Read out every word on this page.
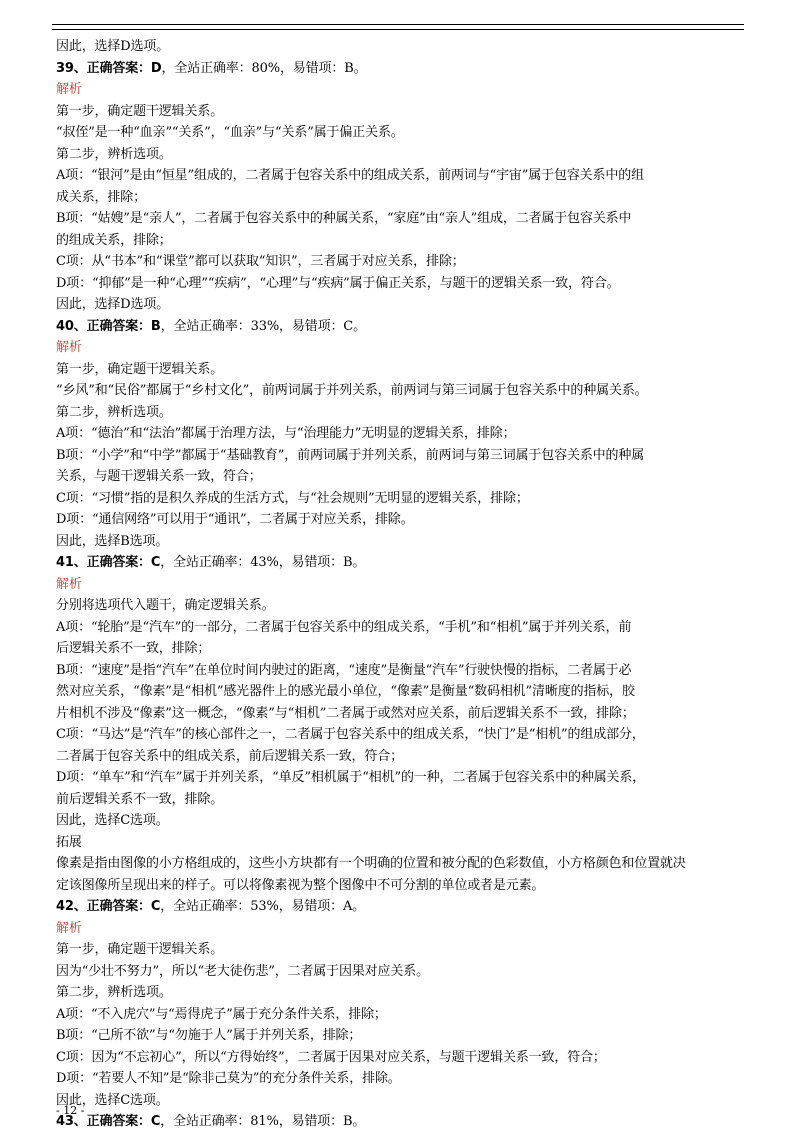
因此，选择D选项。

39、正确答案：D，全站正确率：80%，易错项：B。

解析

第一步，确定题干逻辑关系。

“叔侄”是一种“血亲”“关系”，“血亲”与“关系”属于偏正关系。

第二步，辨析选项。

A项：“银河”是由“恒星”组成的，二者属于包容关系中的组成关系，前两词与“宇宙”属于包容关系中的组

成关系，排除；

B项：“姑嫂”是“亲人”，二者属于包容关系中的种属关系，“家庭”由“亲人”组成，二者属于包容关系中

的组成关系，排除；

C项：从“书本”和“课堂”都可以获取“知识”，三者属于对应关系，排除；

D项：“抑郁”是一种“心理”“疾病”，“心理”与“疾病”属于偏正关系，与题干的逻辑关系一致，符合。

因此，选择D选项。

40、正确答案：B，全站正确率：33%，易错项：C。

解析

第一步，确定题干逻辑关系。

“乡风”和“民俗”都属于“乡村文化”，前两词属于并列关系，前两词与第三词属于包容关系中的种属关系。

第二步，辨析选项。

A项：“德治”和“法治”都属于治理方法，与“治理能力”无明显的逻辑关系，排除；

B项：“小学”和“中学”都属于“基础教育”，前两词属于并列关系，前两词与第三词属于包容关系中的种属

关系，与题干逻辑关系一致，符合；

C项：“习惯”指的是积久养成的生活方式，与“社会规则”无明显的逻辑关系，排除；

D项：“通信网络”可以用于“通讯”，二者属于对应关系，排除。

因此，选择B选项。

41、正确答案：C，全站正确率：43%，易错项：B。

解析

分别将选项代入题干，确定逻辑关系。

A项：“轮胎”是“汽车”的一部分，二者属于包容关系中的组成关系，“手机”和“相机”属于并列关系，前

后逻辑关系不一致，排除；

B项：“速度”是指“汽车”在单位时间内驶过的距离，“速度”是衡量“汽车”行驶快慢的指标，二者属于必

然对应关系，“像素”是“相机”感光器件上的感光最小单位，“像素”是衡量“数码相机”清晰度的指标，胶

片相机不涉及“像素”这一概念，“像素”与“相机”二者属于或然对应关系，前后逻辑关系不一致，排除；

C项：“马达”是“汽车”的核心部件之一，二者属于包容关系中的组成关系，“快门”是“相机”的组成部分，

二者属于包容关系中的组成关系，前后逻辑关系一致，符合；

D项：“单车”和“汽车”属于并列关系，“单反”相机属于“相机”的一种，二者属于包容关系中的种属关系，

前后逻辑关系不一致，排除。

因此，选择C选项。

拓展

像素是指由图像的小方格组成的，这些小方块都有一个明确的位置和被分配的色彩数值，小方格颜色和位置就决

定该图像所呈现出来的样子。可以将像素视为整个图像中不可分割的单位或者是元素。

42、正确答案：C，全站正确率：53%，易错项：A。

解析

第一步，确定题干逻辑关系。

因为“少壮不努力”，所以“老大徒伤悲”，二者属于因果对应关系。

第二步，辨析选项。

A项：“不入虎穴”与“焉得虎子”属于充分条件关系，排除；

B项：“己所不欲”与“勿施于人”属于并列关系，排除；

C项：因为“不忘初心”，所以“方得始终”，二者属于因果对应关系，与题干逻辑关系一致，符合；

D项：“若要人不知”是“除非己莫为”的充分条件关系，排除。

因此，选择C选项。

43、正确答案：C，全站正确率：81%，易错项：B。

- 12 -
